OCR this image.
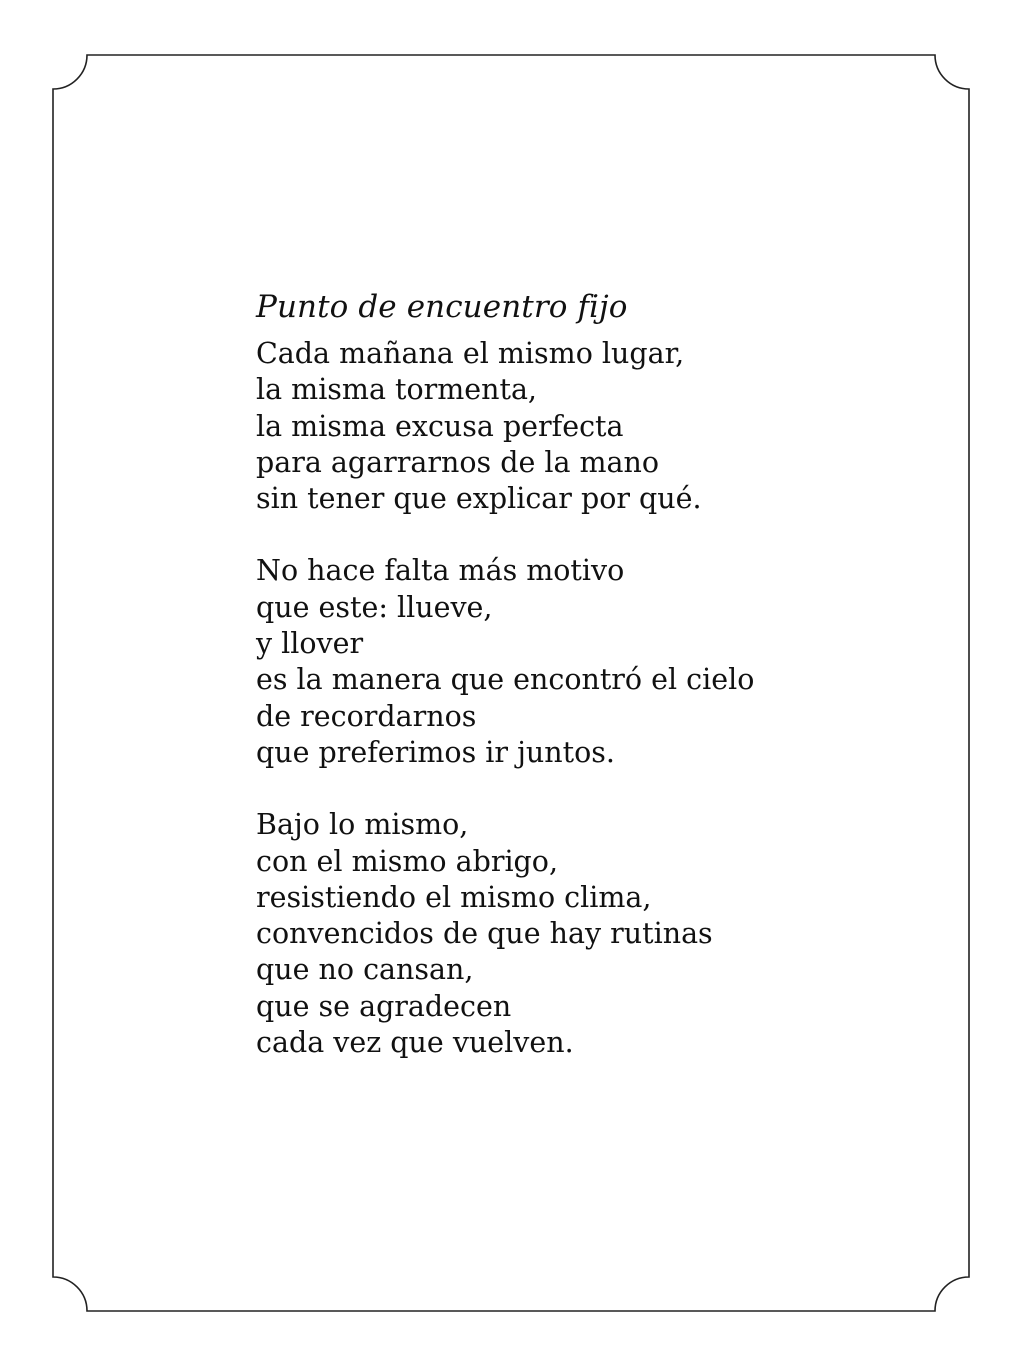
Punto de encuentro fijo
Cada mañana el mismo lugar,
la misma tormenta,
la misma excusa perfecta
para agarrarnos de la mano
sin tener que explicar por qué.
No hace falta más motivo
que este: llueve,
y llover
es la manera que encontró el cielo
de recordarnos
que preferimos ir juntos.
Bajo lo mismo,
con el mismo abrigo,
resistiendo el mismo clima,
convencidos de que hay rutinas
que no cansan,
que se agradecen
cada vez que vuelven.
